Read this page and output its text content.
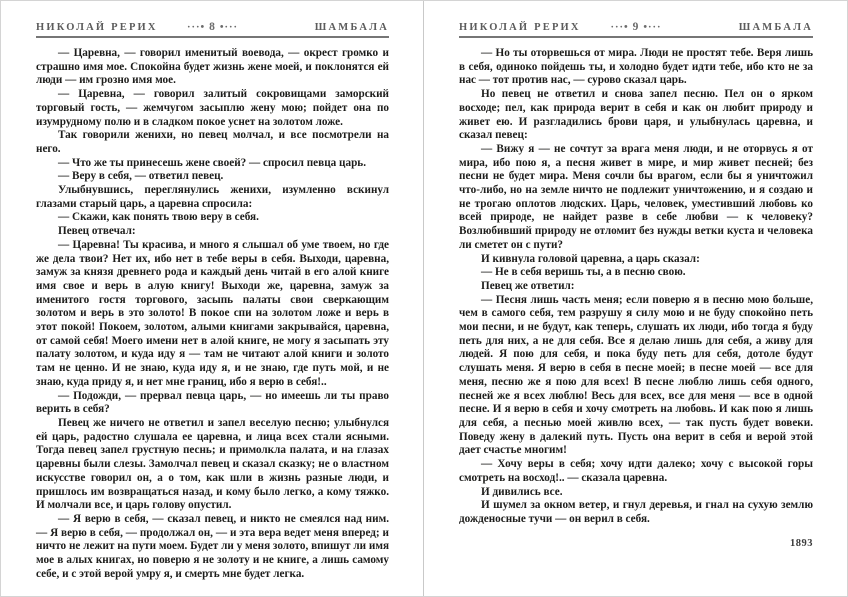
НИКОЛАЙ РЕРИХ	···• 8 •···	ШАМБАЛА

— Царевна, — говорил именитый воевода, — окрест громко и страшно имя мое. Спокойна будет жизнь жене моей, и поклонятся ей люди — им грозно имя мое.

— Царевна, — говорил залитый сокровищами заморский торговый гость, — жемчугом засыплю жену мою; пойдет она по изумрудному полю и в сладком покое уснет на золотом ложе.

Так говорили женихи, но певец молчал, и все посмотрели на него.

— Что же ты принесешь жене своей? — спросил певца царь.

— Веру в себя, — ответил певец.

Улыбнувшись, переглянулись женихи, изумленно вскинул глазами старый царь, а царевна спросила:

— Скажи, как понять твою веру в себя.

Певец отвечал:

— Царевна! Ты красива, и много я слышал об уме твоем, но где же дела твои? Нет их, ибо нет в тебе веры в себя. Выходи, царевна, замуж за князя древнего рода и каждый день читай в его алой книге имя свое и верь в алую книгу! Выходи же, царевна, замуж за именитого гостя торгового, засыпь палаты свои сверкающим золотом и верь в это золото! В покое спи на золотом ложе и верь в этот покой! Покоем, золотом, алыми книгами закрывайся, царевна, от самой себя! Моего имени нет в алой книге, не могу я засыпать эту палату золотом, и куда иду я — там не читают алой книги и золото там не ценно. И не знаю, куда иду я, и не знаю, где путь мой, и не знаю, куда приду я, и нет мне границ, ибо я верю в себя!..

— Подожди, — прервал певца царь, — но имеешь ли ты право верить в себя?

Певец же ничего не ответил и запел веселую песню; улыбнулся ей царь, радостно слушала ее царевна, и лица всех стали ясными. Тогда певец запел грустную песнь; и примолкла палата, и на глазах царевны были слезы. Замолчал певец и сказал сказку; не о властном искусстве говорил он, а о том, как шли в жизнь разные люди, и пришлось им возвращаться назад, и кому было легко, а кому тяжко. И молчали все, и царь голову опустил.

— Я верю в себя, — сказал певец, и никто не смеялся над ним. — Я верю в себя, — продолжал он, — и эта вера ведет меня вперед; и ничто не лежит на пути моем. Будет ли у меня золото, впишут ли имя мое в алых книгах, но поверю я не золоту и не книге, а лишь самому себе, и с этой верой умру я, и смерть мне будет легка.

НИКОЛАЙ РЕРИХ	···• 9 •···	ШАМБАЛА

— Но ты оторвешься от мира. Люди не простят тебе. Веря лишь в себя, одиноко пойдешь ты, и холодно будет идти тебе, ибо кто не за нас — тот против нас, — сурово сказал царь.

Но певец не ответил и снова запел песню. Пел он о ярком восходе; пел, как природа верит в себя и как он любит природу и живет ею. И разгладились брови царя, и улыбнулась царевна, и сказал певец:

— Вижу я — не сочтут за врага меня люди, и не оторвусь я от мира, ибо пою я, а песня живет в мире, и мир живет песней; без песни не будет мира. Меня сочли бы врагом, если бы я уничтожил что-либо, но на земле ничто не подлежит уничтожению, и я создаю и не трогаю оплотов людских. Царь, человек, уместивший любовь ко всей природе, не найдет разве в себе любви — к человеку? Возлюбивший природу не отломит без нужды ветки куста и человека ли сметет он с пути?

И кивнула головой царевна, а царь сказал:

— Не в себя веришь ты, а в песню свою.

Певец же ответил:

— Песня лишь часть меня; если поверю я в песню мою больше, чем в самого себя, тем разрушу я силу мою и не буду спокойно петь мои песни, и не будут, как теперь, слушать их люди, ибо тогда я буду петь для них, а не для себя. Все я делаю лишь для себя, а живу для людей. Я пою для себя, и пока буду петь для себя, дотоле будут слушать меня. Я верю в себя в песне моей; в песне моей — все для меня, песню же я пою для всех! В песне люблю лишь себя одного, песней же я всех люблю! Весь для всех, все для меня — все в одной песне. И я верю в себя и хочу смотреть на любовь. И как пою я лишь для себя, а песнью моей живлю всех, — так пусть будет вовеки. Поведу жену в далекий путь. Пусть она верит в себя и верой этой дает счастье многим!

— Хочу веры в себя; хочу идти далеко; хочу с высокой горы смотреть на восход!.. — сказала царевна.

И дивились все.

И шумел за окном ветер, и гнул деревья, и гнал на сухую землю дожденосные тучи — он верил в себя.

1893
